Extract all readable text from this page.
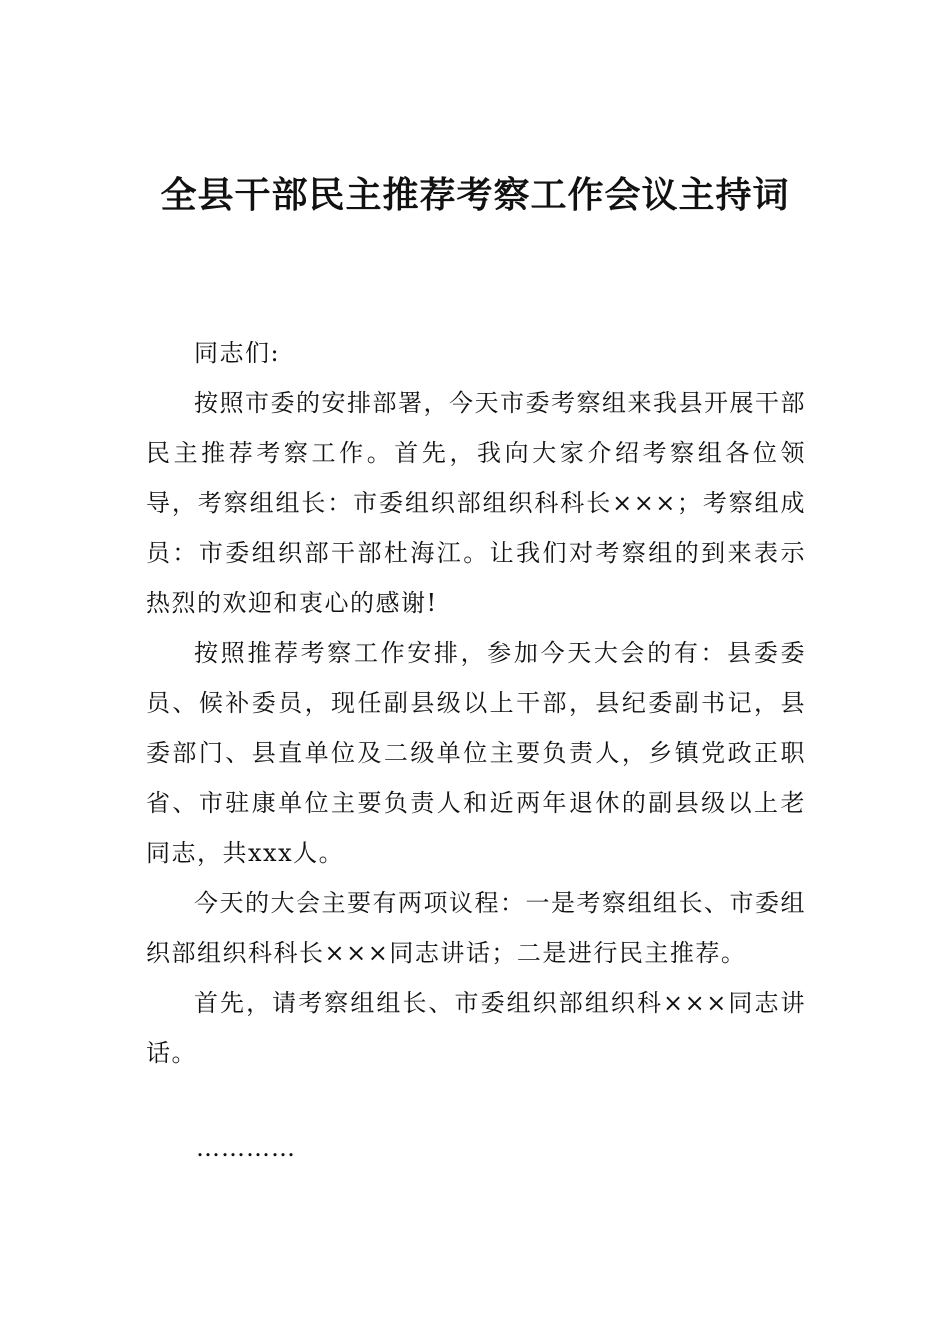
全县干部民主推荐考察工作会议主持词

同志们:

按照市委的安排部署，今天市委考察组来我县开展干部民主推荐考察工作。首先，我向大家介绍考察组各位领导，考察组组长：市委组织部组织科科长×××；考察组成员：市委组织部干部杜海江。让我们对考察组的到来表示热烈的欢迎和衷心的感谢!

按照推荐考察工作安排，参加今天大会的有：县委委员、候补委员，现任副县级以上干部，县纪委副书记，县委部门、县直单位及二级单位主要负责人，乡镇党政正职省、市驻康单位主要负责人和近两年退休的副县级以上老同志，共xxx人。

今天的大会主要有两项议程：一是考察组组长、市委组织部组织科科长×××同志讲话；二是进行民主推荐。

首先，请考察组组长、市委组织部组织科×××同志讲话。

…………
